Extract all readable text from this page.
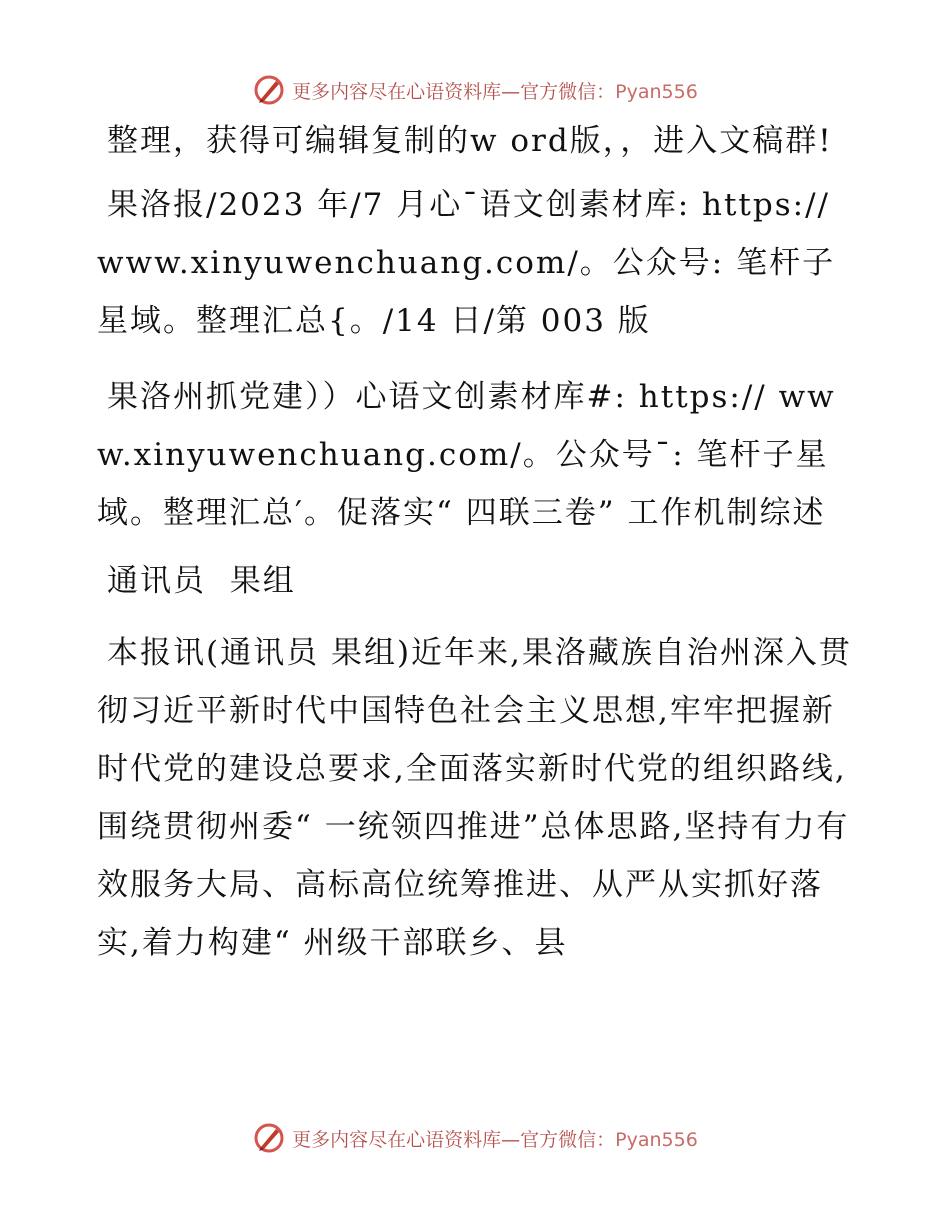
更多内容尽在心语资料库—官方微信：Pyan556

整理，获得可编辑复制的w ord版，，进入文稿群!

果洛报/2023 年/7 月心¯语文创素材库: https://www.xinyuwenchuang.com/。公众号: 笔杆子星域。整理汇总{。/14 日/第 003 版

果洛州抓党建））心语文创素材库#: https:// www.xinyuwenchuang.com/。公众号¯: 笔杆子星域。整理汇总′。促落实“ 四联三卷” 工作机制综述

通讯员  果组

本报讯(通讯员 果组)近年来,果洛藏族自治州深入贯彻习近平新时代中国特色社会主义思想,牢牢把握新时代党的建设总要求,全面落实新时代党的组织路线,围绕贯彻州委“ 一统领四推进”总体思路,坚持有力有效服务大局、高标高位统筹推进、从严从实抓好落实,着力构建“ 州级干部联乡、县

更多内容尽在心语资料库—官方微信：Pyan556
